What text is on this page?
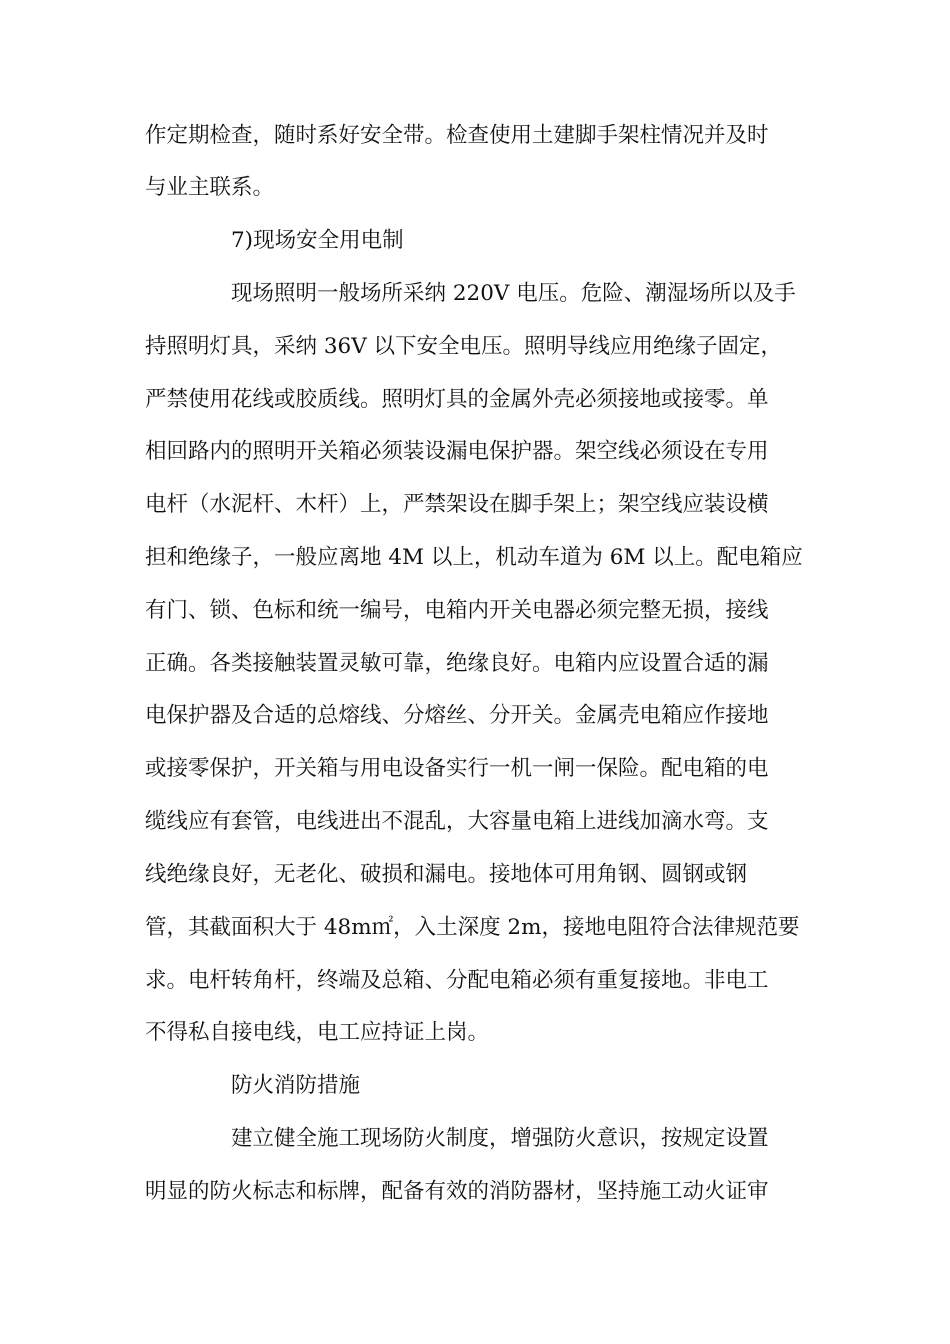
作定期检查，随时系好安全带。检查使用土建脚手架柱情况并及时
与业主联系。
7)现场安全用电制
现场照明一般场所采纳 220V 电压。危险、潮湿场所以及手
持照明灯具，采纳 36V 以下安全电压。照明导线应用绝缘子固定，
严禁使用花线或胶质线。照明灯具的金属外壳必须接地或接零。单
相回路内的照明开关箱必须装设漏电保护器。架空线必须设在专用
电杆（水泥杆、木杆）上，严禁架设在脚手架上；架空线应装设横
担和绝缘子，一般应离地 4M 以上，机动车道为 6M 以上。配电箱应
有门、锁、色标和统一编号，电箱内开关电器必须完整无损，接线
正确。各类接触装置灵敏可靠，绝缘良好。电箱内应设置合适的漏
电保护器及合适的总熔线、分熔丝、分开关。金属壳电箱应作接地
或接零保护，开关箱与用电设备实行一机一闸一保险。配电箱的电
缆线应有套管，电线进出不混乱，大容量电箱上进线加滴水弯。支
线绝缘良好，无老化、破损和漏电。接地体可用角钢、圆钢或钢
管，其截面积大于 48m㎡，入土深度 2m，接地电阻符合法律规范要
求。电杆转角杆，终端及总箱、分配电箱必须有重复接地。非电工
不得私自接电线，电工应持证上岗。
防火消防措施
建立健全施工现场防火制度，增强防火意识，按规定设置
明显的防火标志和标牌，配备有效的消防器材，坚持施工动火证审
